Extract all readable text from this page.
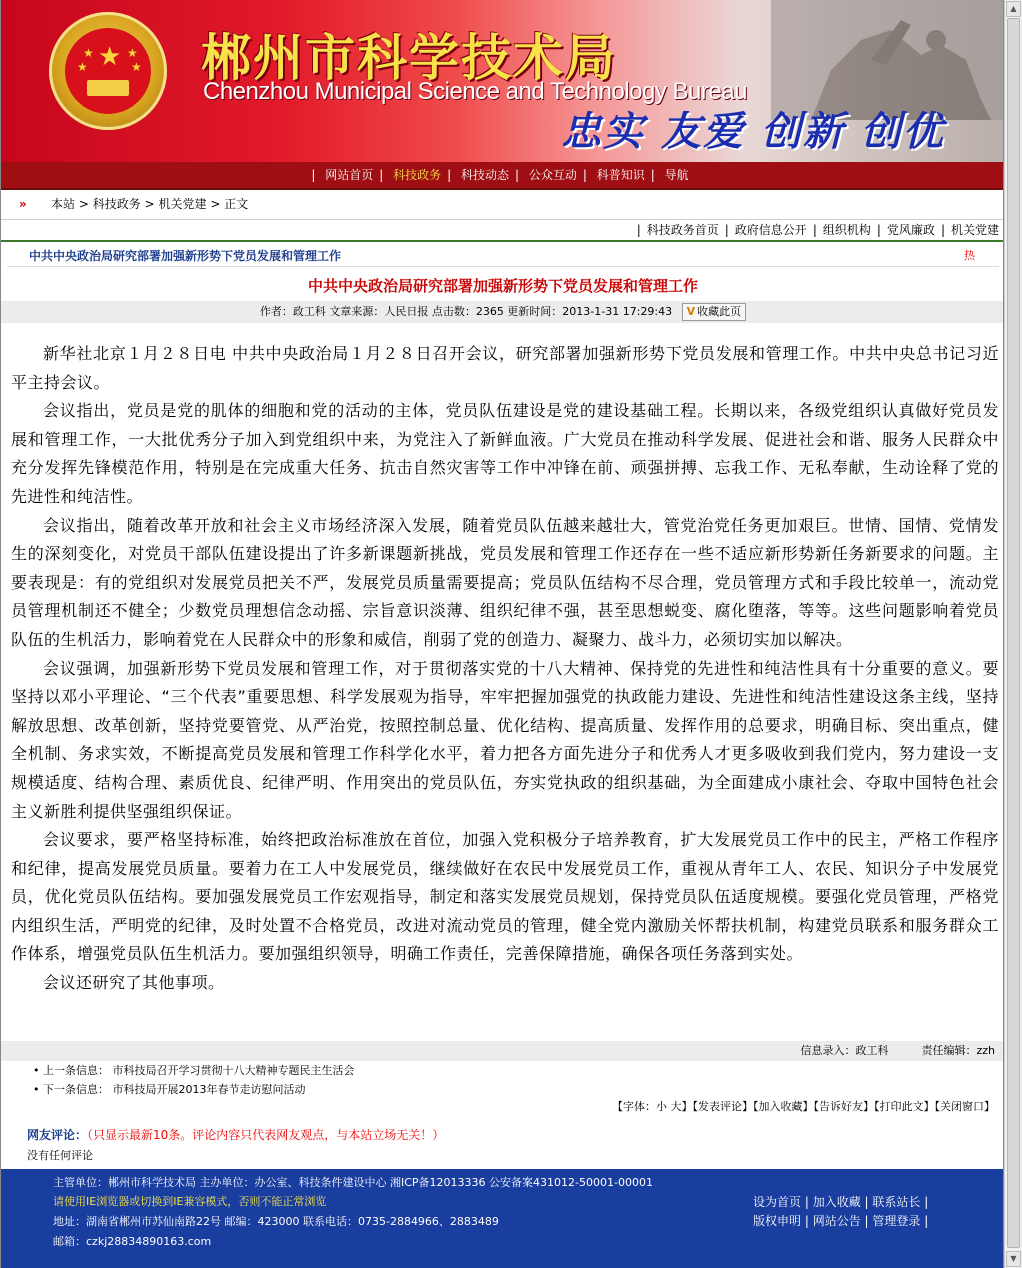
★
★
★
★
★ 郴州市科学技术局
Chenzhou Municipal Science and Technology Bureau
忠实 友爱 创新 创优
| 网站首页 | 科技政务 | 科技动态 | 公众互动 | 科普知识 | 导航
» 本站 > 科技政务 > 机关党建 > 正文
| 科技政务首页 | 政府信息公开 | 组织机构 | 党风廉政 | 机关党建
中共中央政治局研究部署加强新形势下党员发展和管理工作	热
中共中央政治局研究部署加强新形势下党员发展和管理工作
作者：政工科 文章来源：人民日报 点击数：2365 更新时间：2013-1-31 17:29:43 V 收藏此页

新华社北京１月２８日电 中共中央政治局１月２８日召开会议，研究部署加强新形势下党员发展和管理工作。中共中央总书记习近平主持会议。

会议指出，党员是党的肌体的细胞和党的活动的主体，党员队伍建设是党的建设基础工程。长期以来，各级党组织认真做好党员发展和管理工作，一大批优秀分子加入到党组织中来，为党注入了新鲜血液。广大党员在推动科学发展、促进社会和谐、服务人民群众中充分发挥先锋模范作用，特别是在完成重大任务、抗击自然灾害等工作中冲锋在前、顽强拼搏、忘我工作、无私奉献，生动诠释了党的先进性和纯洁性。

会议指出，随着改革开放和社会主义市场经济深入发展，随着党员队伍越来越壮大，管党治党任务更加艰巨。世情、国情、党情发生的深刻变化，对党员干部队伍建设提出了许多新课题新挑战，党员发展和管理工作还存在一些不适应新形势新任务新要求的问题。主要表现是：有的党组织对发展党员把关不严，发展党员质量需要提高；党员队伍结构不尽合理，党员管理方式和手段比较单一，流动党员管理机制还不健全；少数党员理想信念动摇、宗旨意识淡薄、组织纪律不强，甚至思想蜕变、腐化堕落，等等。这些问题影响着党员队伍的生机活力，影响着党在人民群众中的形象和威信，削弱了党的创造力、凝聚力、战斗力，必须切实加以解决。

会议强调，加强新形势下党员发展和管理工作，对于贯彻落实党的十八大精神、保持党的先进性和纯洁性具有十分重要的意义。要坚持以邓小平理论、“三个代表”重要思想、科学发展观为指导，牢牢把握加强党的执政能力建设、先进性和纯洁性建设这条主线，坚持解放思想、改革创新，坚持党要管党、从严治党，按照控制总量、优化结构、提高质量、发挥作用的总要求，明确目标、突出重点，健全机制、务求实效，不断提高党员发展和管理工作科学化水平，着力把各方面先进分子和优秀人才更多吸收到我们党内，努力建设一支规模适度、结构合理、素质优良、纪律严明、作用突出的党员队伍，夯实党执政的组织基础，为全面建成小康社会、夺取中国特色社会主义新胜利提供坚强组织保证。

会议要求，要严格坚持标准，始终把政治标准放在首位，加强入党积极分子培养教育，扩大发展党员工作中的民主，严格工作程序和纪律，提高发展党员质量。要着力在工人中发展党员，继续做好在农民中发展党员工作，重视从青年工人、农民、知识分子中发展党员，优化党员队伍结构。要加强发展党员工作宏观指导，制定和落实发展党员规划，保持党员队伍适度规模。要强化党员管理，严格党内组织生活，严明党的纪律，及时处置不合格党员，改进对流动党员的管理，健全党内激励关怀帮扶机制，构建党员联系和服务群众工作体系，增强党员队伍生机活力。要加强组织领导，明确工作责任，完善保障措施，确保各项任务落到实处。

会议还研究了其他事项。

信息录入：政工科　　　责任编辑：zzh
• 上一条信息： 市科技局召开学习贯彻十八大精神专题民主生活会
• 下一条信息： 市科技局开展2013年春节走访慰问活动
【字体：小 大】【发表评论】【加入收藏】【告诉好友】【打印此文】【关闭窗口】
网友评论：（只显示最新10条。评论内容只代表网友观点，与本站立场无关！）
没有任何评论
主管单位：郴州市科学技术局 主办单位：办公室、科技条件建设中心 湘ICP备12013336 公安备案431012-50001-00001
请使用IE浏览器或切换到IE兼容模式，否则不能正常浏览
地址：湖南省郴州市苏仙南路22号 邮编：423000 联系电话：0735-2884966、2883489
邮箱：czkj28834890163.com
设为首页 | 加入收藏 | 联系站长 |
版权申明 | 网站公告 | 管理登录 |
▲
▼
